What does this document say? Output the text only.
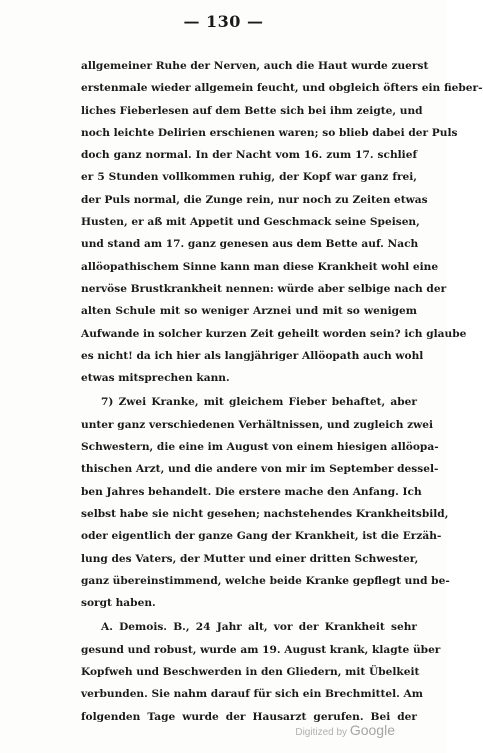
— 130 —
allgemeiner Ruhe der Nerven, auch die Haut wurde zuerst
erstenmale wieder allgemein feucht, und obgleich öfters ein fieber-
liches Fieberlesen auf dem Bette sich bei ihm zeigte, und
noch leichte Delirien erschienen waren; so blieb dabei der Puls
doch ganz normal. In der Nacht vom 16. zum 17. schlief
er 5 Stunden vollkommen ruhig, der Kopf war ganz frei,
der Puls normal, die Zunge rein, nur noch zu Zeiten etwas
Husten, er aß mit Appetit und Geschmack seine Speisen,
und stand am 17. ganz genesen aus dem Bette auf. Nach
allöopathischem Sinne kann man diese Krankheit wohl eine
nervöse Brustkrankheit nennen: würde aber selbige nach der
alten Schule mit so weniger Arznei und mit so wenigem
Aufwande in solcher kurzen Zeit geheilt worden sein? ich glaube
es nicht! da ich hier als langjähriger Allöopath auch wohl
etwas mitsprechen kann.
7) Zwei Kranke, mit gleichem Fieber behaftet, aber
unter ganz verschiedenen Verhältnissen, und zugleich zwei
Schwestern, die eine im August von einem hiesigen allöopa-
thischen Arzt, und die andere von mir im September dessel-
ben Jahres behandelt. Die erstere mache den Anfang. Ich
selbst habe sie nicht gesehen; nachstehendes Krankheitsbild,
oder eigentlich der ganze Gang der Krankheit, ist die Erzäh-
lung des Vaters, der Mutter und einer dritten Schwester,
ganz übereinstimmend, welche beide Kranke gepflegt und be-
sorgt haben.
A. Demois. B., 24 Jahr alt, vor der Krankheit sehr
gesund und robust, wurde am 19. August krank, klagte über
Kopfweh und Beschwerden in den Gliedern, mit Übelkeit
verbunden. Sie nahm darauf für sich ein Brechmittel. Am
folgenden Tage wurde der Hausarzt gerufen. Bei der
Digitized by Google
